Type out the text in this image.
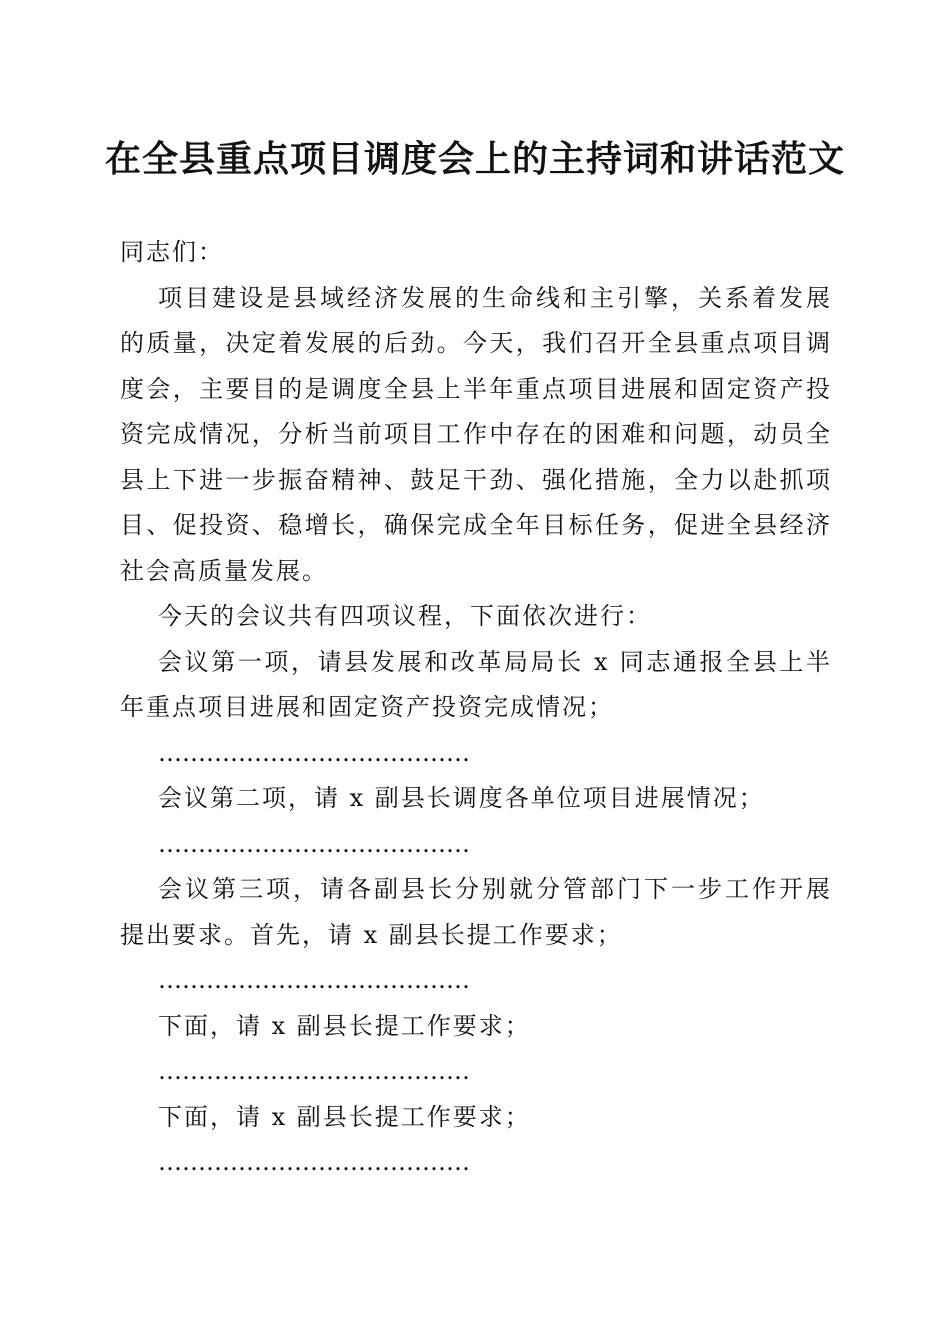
在全县重点项目调度会上的主持词和讲话范文

同志们：

项目建设是县域经济发展的生命线和主引擎，关系着发展的质量，决定着发展的后劲。今天，我们召开全县重点项目调度会，主要目的是调度全县上半年重点项目进展和固定资产投资完成情况，分析当前项目工作中存在的困难和问题，动员全县上下进一步振奋精神、鼓足干劲、强化措施，全力以赴抓项目、促投资、稳增长，确保完成全年目标任务，促进全县经济社会高质量发展。

今天的会议共有四项议程，下面依次进行：

会议第一项，请县发展和改革局局长 x 同志通报全县上半年重点项目进展和固定资产投资完成情况；

…………………………………

会议第二项，请 x 副县长调度各单位项目进展情况；

…………………………………

会议第三项，请各副县长分别就分管部门下一步工作开展提出要求。首先，请 x 副县长提工作要求；

…………………………………

下面，请 x 副县长提工作要求；

…………………………………

下面，请 x 副县长提工作要求；

…………………………………
